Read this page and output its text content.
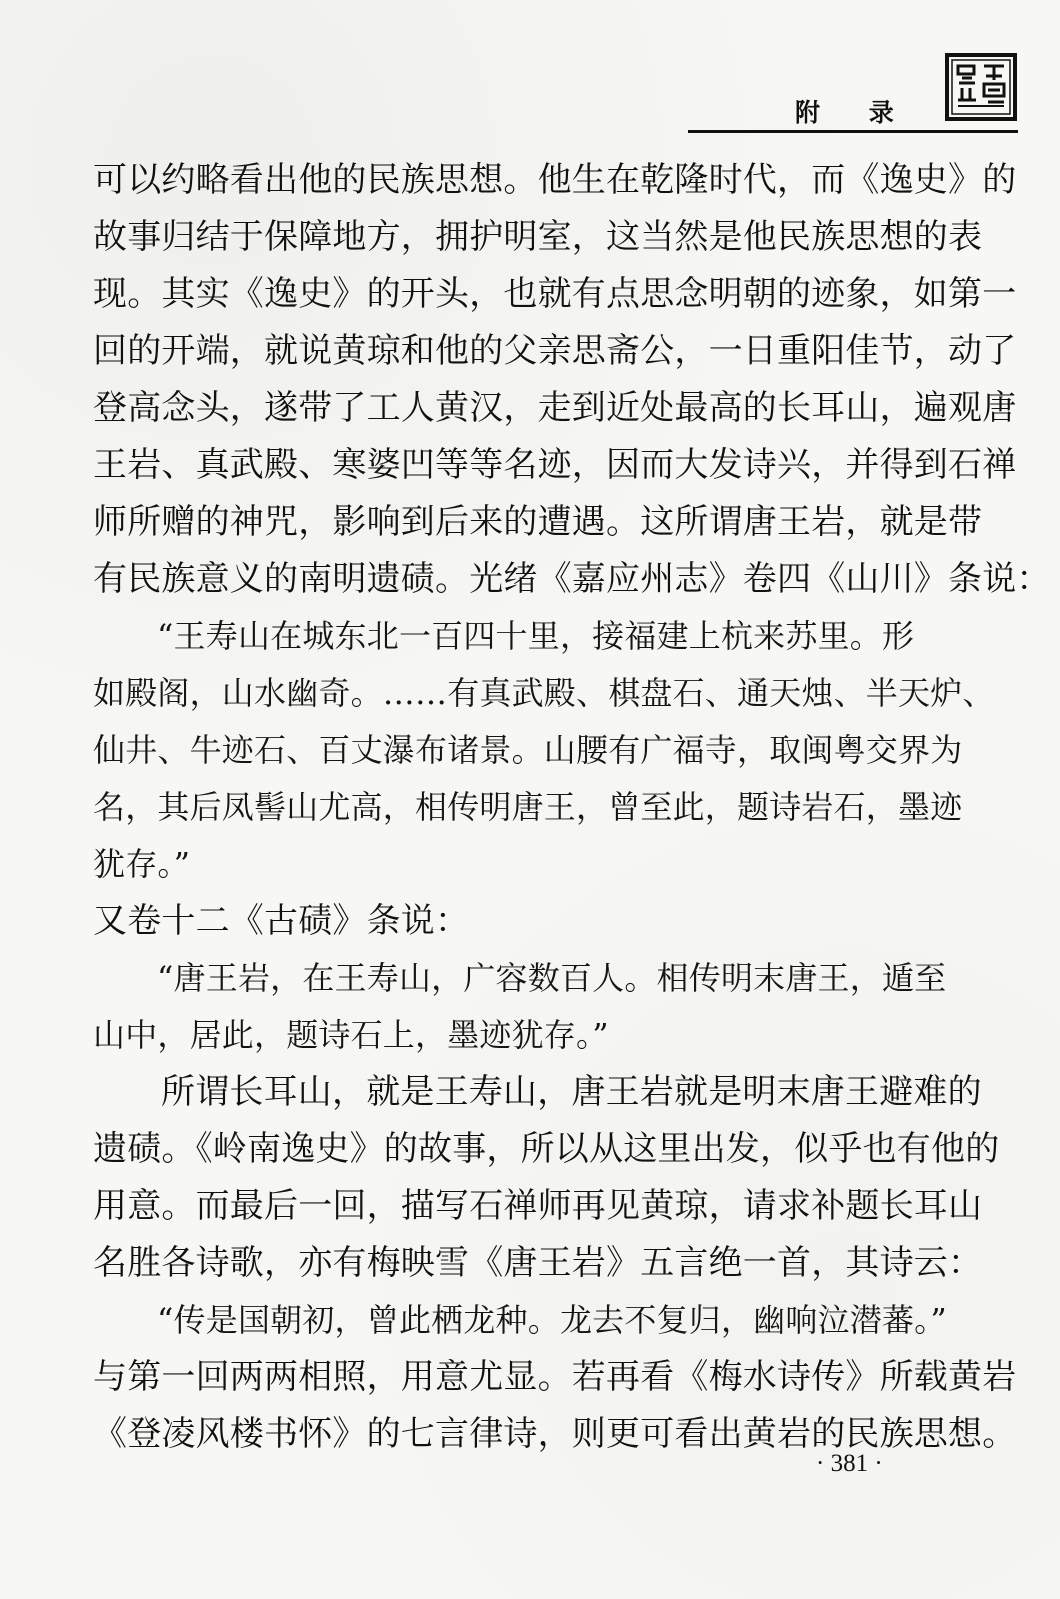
附 录
可以约略看出他的民族思想。他生在乾隆时代，而《逸史》的
故事归结于保障地方，拥护明室，这当然是他民族思想的表
现。其实《逸史》的开头，也就有点思念明朝的迹象，如第一
回的开端，就说黄琼和他的父亲思斋公，一日重阳佳节，动了
登高念头，遂带了工人黄汉，走到近处最高的长耳山，遍观唐
王岩、真武殿、寒婆凹等等名迹，因而大发诗兴，并得到石禅
师所赠的神咒，影响到后来的遭遇。这所谓唐王岩，就是带
有民族意义的南明遗碛。光绪《嘉应州志》卷四《山川》条说：
“王寿山在城东北一百四十里，接福建上杭来苏里。形
如殿阁，山水幽奇。……有真武殿、棋盘石、通天烛、半天炉、
仙井、牛迹石、百丈瀑布诸景。山腰有广福寺，取闽粤交界为
名，其后凤髻山尤高，相传明唐王，曾至此，题诗岩石，墨迹
犹存。”
又卷十二《古碛》条说：
“唐王岩，在王寿山，广容数百人。相传明末唐王，遁至
山中，居此，题诗石上，墨迹犹存。”
所谓长耳山，就是王寿山，唐王岩就是明末唐王避难的
遗碛。《岭南逸史》的故事，所以从这里出发，似乎也有他的
用意。而最后一回，描写石禅师再见黄琼，请求补题长耳山
名胜各诗歌，亦有梅映雪《唐王岩》五言绝一首，其诗云：
“传是国朝初，曾此栖龙种。龙去不复归，幽响泣潜蕃。”
与第一回两两相照，用意尤显。若再看《梅水诗传》所载黄岩
《登凌风楼书怀》的七言律诗，则更可看出黄岩的民族思想。
· 381 ·
